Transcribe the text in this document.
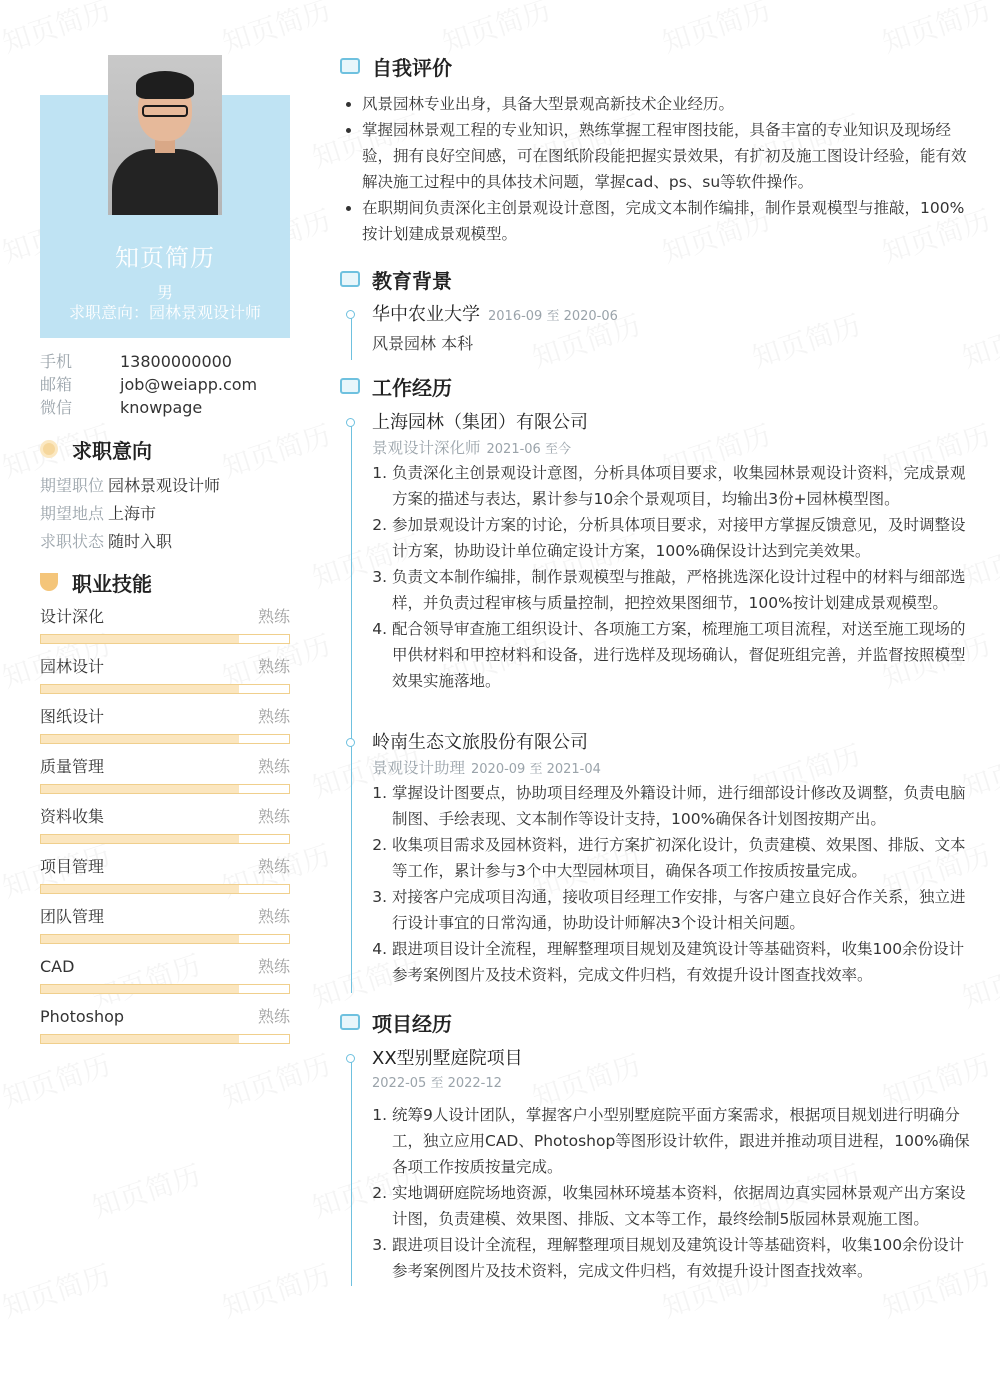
知页简历
男
求职意向：园林景观设计师
手机	13800000000
邮箱	job@weiapp.com
微信	knowpage
求职意向
期望职位 园林景观设计师
期望地点 上海市
求职状态 随时入职
职业技能
设计深化	熟练
园林设计	熟练
图纸设计	熟练
质量管理	熟练
资料收集	熟练
项目管理	熟练
团队管理	熟练
CAD	熟练
Photoshop	熟练
自我评价
• 风景园林专业出身，具备大型景观高新技术企业经历。
• 掌握园林景观工程的专业知识，熟练掌握工程审图技能，具备丰富的专业知识及现场经验，拥有良好空间感，可在图纸阶段能把握实景效果，有扩初及施工图设计经验，能有效解决施工过程中的具体技术问题，掌握cad、ps、su等软件操作。
• 在职期间负责深化主创景观设计意图，完成文本制作编排，制作景观模型与推敲，100%按计划建成景观模型。
教育背景
华中农业大学 2016-09 至 2020-06
风景园林 本科
工作经历
上海园林（集团）有限公司
景观设计深化师 2021-06 至今
1. 负责深化主创景观设计意图，分析具体项目要求，收集园林景观设计资料，完成景观方案的描述与表达，累计参与10余个景观项目，均输出3份+园林模型图。
2. 参加景观设计方案的讨论，分析具体项目要求，对接甲方掌握反馈意见，及时调整设计方案，协助设计单位确定设计方案，100%确保设计达到完美效果。
3. 负责文本制作编排，制作景观模型与推敲，严格挑选深化设计过程中的材料与细部选样，并负责过程审核与质量控制，把控效果图细节，100%按计划建成景观模型。
4. 配合领导审查施工组织设计、各项施工方案，梳理施工项目流程，对送至施工现场的甲供材料和甲控材料和设备，进行选样及现场确认，督促班组完善，并监督按照模型效果实施落地。
岭南生态文旅股份有限公司
景观设计助理 2020-09 至 2021-04
1. 掌握设计图要点，协助项目经理及外籍设计师，进行细部设计修改及调整，负责电脑制图、手绘表现、文本制作等设计支持，100%确保各计划图按期产出。
2. 收集项目需求及园林资料，进行方案扩初深化设计，负责建模、效果图、排版、文本等工作，累计参与3个中大型园林项目，确保各项工作按质按量完成。
3. 对接客户完成项目沟通，接收项目经理工作安排，与客户建立良好合作关系，独立进行设计事宜的日常沟通，协助设计师解决3个设计相关问题。
4. 跟进项目设计全流程，理解整理项目规划及建筑设计等基础资料，收集100余份设计参考案例图片及技术资料，完成文件归档，有效提升设计图查找效率。
项目经历
XX型别墅庭院项目
2022-05 至 2022-12
1. 统筹9人设计团队，掌握客户小型别墅庭院平面方案需求，根据项目规划进行明确分工，独立应用CAD、Photoshop等图形设计软件，跟进并推动项目进程，100%确保各项工作按质按量完成。
2. 实地调研庭院场地资源，收集园林环境基本资料，依据周边真实园林景观产出方案设计图，负责建模、效果图、排版、文本等工作，最终绘制5版园林景观施工图。
3. 跟进项目设计全流程，理解整理项目规划及建筑设计等基础资料，收集100余份设计参考案例图片及技术资料，完成文件归档，有效提升设计图查找效率。
